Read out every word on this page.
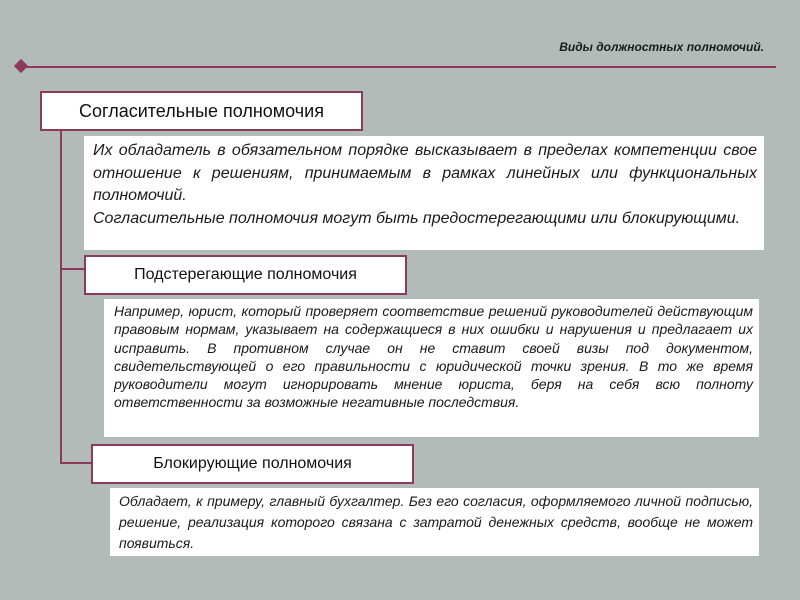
Виды должностных полномочий.
Согласительные полномочия

Их обладатель в обязательном порядке высказывает в пределах компетенции свое отношение к решениям, принимаемым в рамках линейных или функциональных полномочий.

Согласительные полномочия могут быть предостерегающими или блокирующими.

Подстерегающие полномочия

Например, юрист, который проверяет соответствие решений руководителей действующим правовым нормам, указывает на содержащиеся в них ошибки и нарушения и предлагает их исправить. В противном случае он не ставит своей визы под документом, свидетельствующей о его правильности с юридической точки зрения. В то же время руководители могут игнорировать мнение юриста, беря на себя всю полноту ответственности за возможные негативные последствия.

Блокирующие полномочия

Обладает, к примеру, главный бухгалтер. Без его согласия, оформляемого личной подписью, решение, реализация которого связана с затратой денежных средств, вообще не может появиться.
